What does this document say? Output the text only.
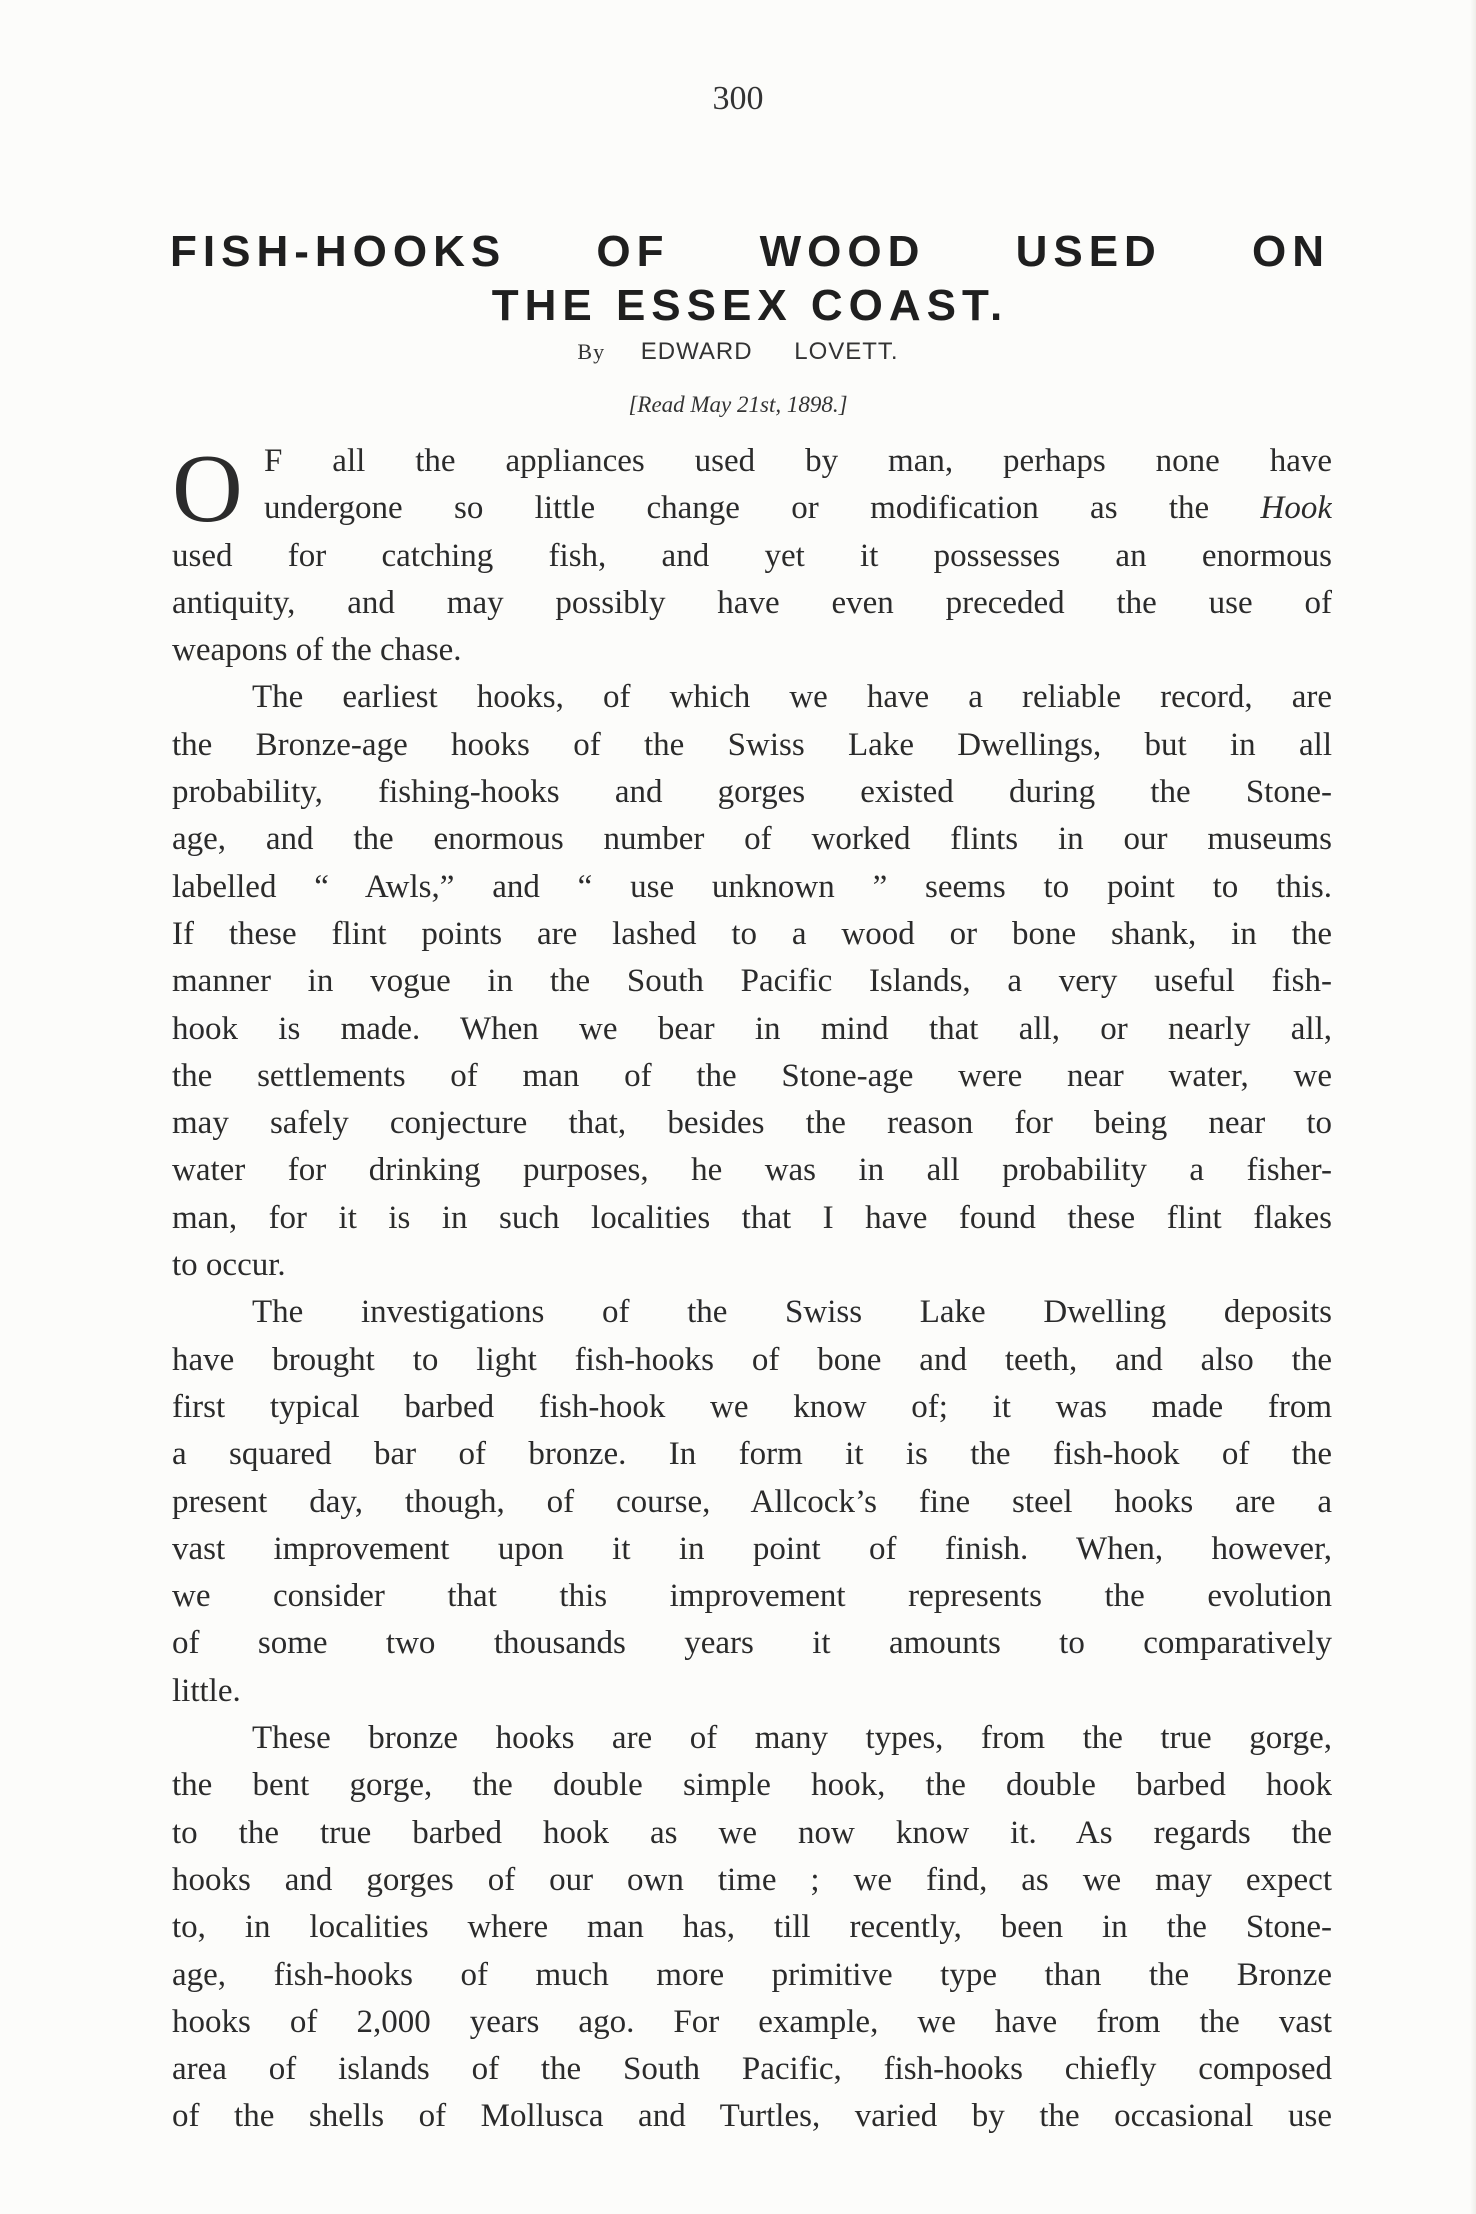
300
FISH-HOOKS OF WOOD USED ON
THE ESSEX COAST.
By EDWARD LOVETT.
[Read May 21st, 1898.]
O F all the appliances used by man, perhaps none have
undergone so little change or modification as the Hook
used for catching fish, and yet it possesses an enormous
antiquity, and may possibly have even preceded the use of
weapons of the chase.
The earliest hooks, of which we have a reliable record, are
the Bronze-age hooks of the Swiss Lake Dwellings, but in all
probability, fishing-hooks and gorges existed during the Stone-
age, and the enormous number of worked flints in our museums
labelled “ Awls,” and “ use unknown ” seems to point to this.
If these flint points are lashed to a wood or bone shank, in the
manner in vogue in the South Pacific Islands, a very useful fish-
hook is made. When we bear in mind that all, or nearly all,
the settlements of man of the Stone-age were near water, we
may safely conjecture that, besides the reason for being near to
water for drinking purposes, he was in all probability a fisher-
man, for it is in such localities that I have found these flint flakes
to occur.
The investigations of the Swiss Lake Dwelling deposits
have brought to light fish-hooks of bone and teeth, and also the
first typical barbed fish-hook we know of; it was made from
a squared bar of bronze. In form it is the fish-hook of the
present day, though, of course, Allcock’s fine steel hooks are a
vast improvement upon it in point of finish. When, however,
we consider that this improvement represents the evolution
of some two thousands years it amounts to comparatively
little.
These bronze hooks are of many types, from the true gorge,
the bent gorge, the double simple hook, the double barbed hook
to the true barbed hook as we now know it. As regards the
hooks and gorges of our own time ; we find, as we may expect
to, in localities where man has, till recently, been in the Stone-
age, fish-hooks of much more primitive type than the Bronze
hooks of 2,000 years ago. For example, we have from the vast
area of islands of the South Pacific, fish-hooks chiefly composed
of the shells of Mollusca and Turtles, varied by the occasional use
